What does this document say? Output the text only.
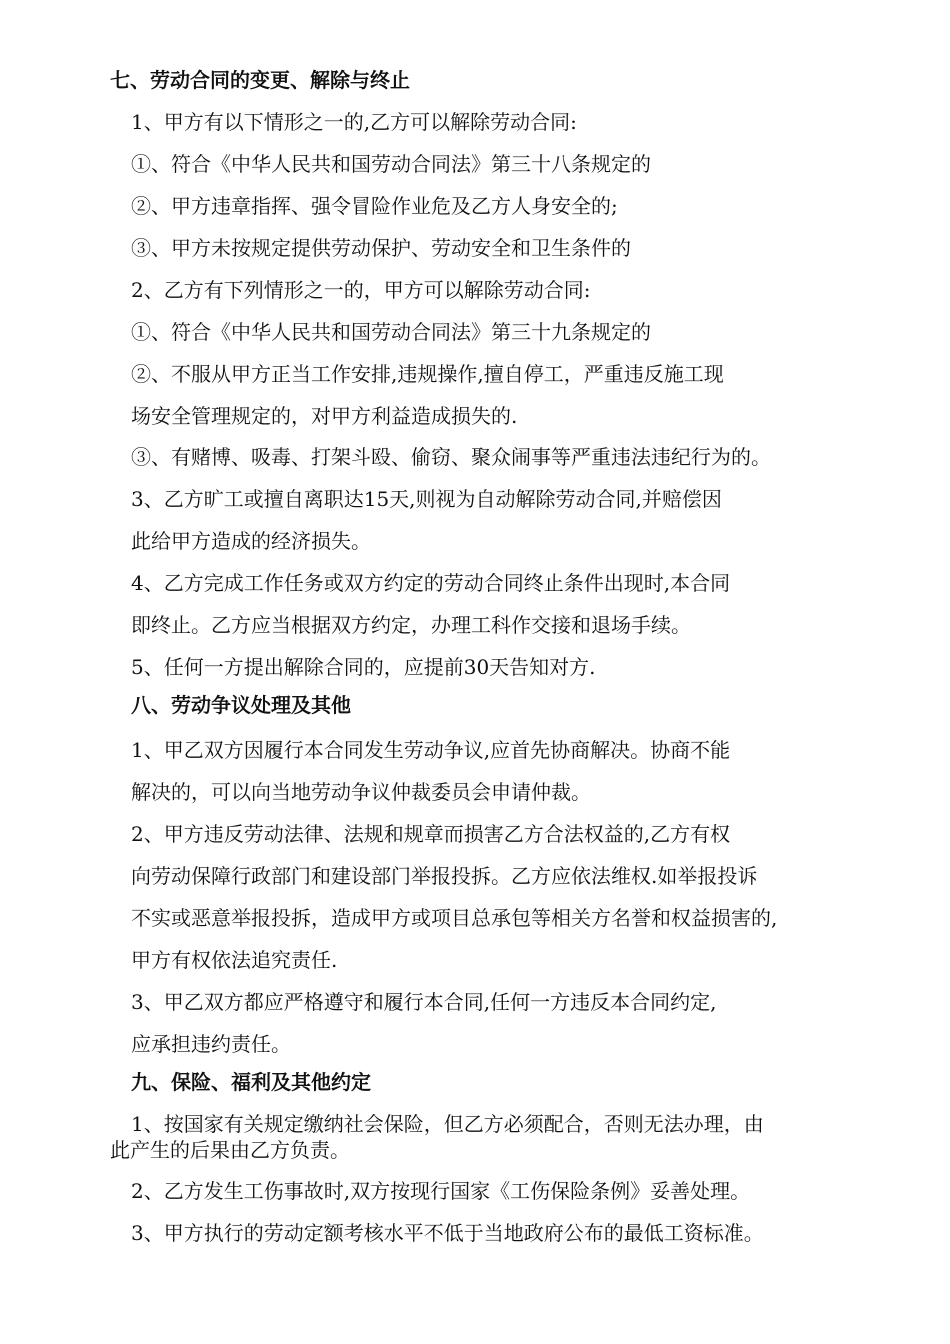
七、劳动合同的变更、解除与终止
1、甲方有以下情形之一的,乙方可以解除劳动合同:
①、符合《中华人民共和国劳动合同法》第三十八条规定的
②、甲方违章指挥、强令冒险作业危及乙方人身安全的;
③、甲方未按规定提供劳动保护、劳动安全和卫生条件的
2、乙方有下列情形之一的，甲方可以解除劳动合同:
①、符合《中华人民共和国劳动合同法》第三十九条规定的
②、不服从甲方正当工作安排,违规操作,擅自停工，严重违反施工现
场安全管理规定的，对甲方利益造成损失的.
③、有赌博、吸毒、打架斗殴、偷窃、聚众闹事等严重违法违纪行为的。
3、乙方旷工或擅自离职达15天,则视为自动解除劳动合同,并赔偿因
此给甲方造成的经济损失。
4、乙方完成工作任务或双方约定的劳动合同终止条件出现时,本合同
即终止。乙方应当根据双方约定，办理工科作交接和退场手续。
5、任何一方提出解除合同的，应提前30天告知对方.
八、劳动争议处理及其他
1、甲乙双方因履行本合同发生劳动争议,应首先协商解决。协商不能
解决的，可以向当地劳动争议仲裁委员会申请仲裁。
2、甲方违反劳动法律、法规和规章而损害乙方合法权益的,乙方有权
向劳动保障行政部门和建设部门举报投拆。乙方应依法维权.如举报投诉
不实或恶意举报投拆，造成甲方或项目总承包等相关方名誉和权益损害的,
甲方有权依法追究责任.
3、甲乙双方都应严格遵守和履行本合同,任何一方违反本合同约定,
应承担违约责任。
九、保险、福利及其他约定
1、按国家有关规定缴纳社会保险，但乙方必须配合，否则无法办理，由
此产生的后果由乙方负责。
2、乙方发生工伤事故时,双方按现行国家《工伤保险条例》妥善处理。
3、甲方执行的劳动定额考核水平不低于当地政府公布的最低工资标准。
